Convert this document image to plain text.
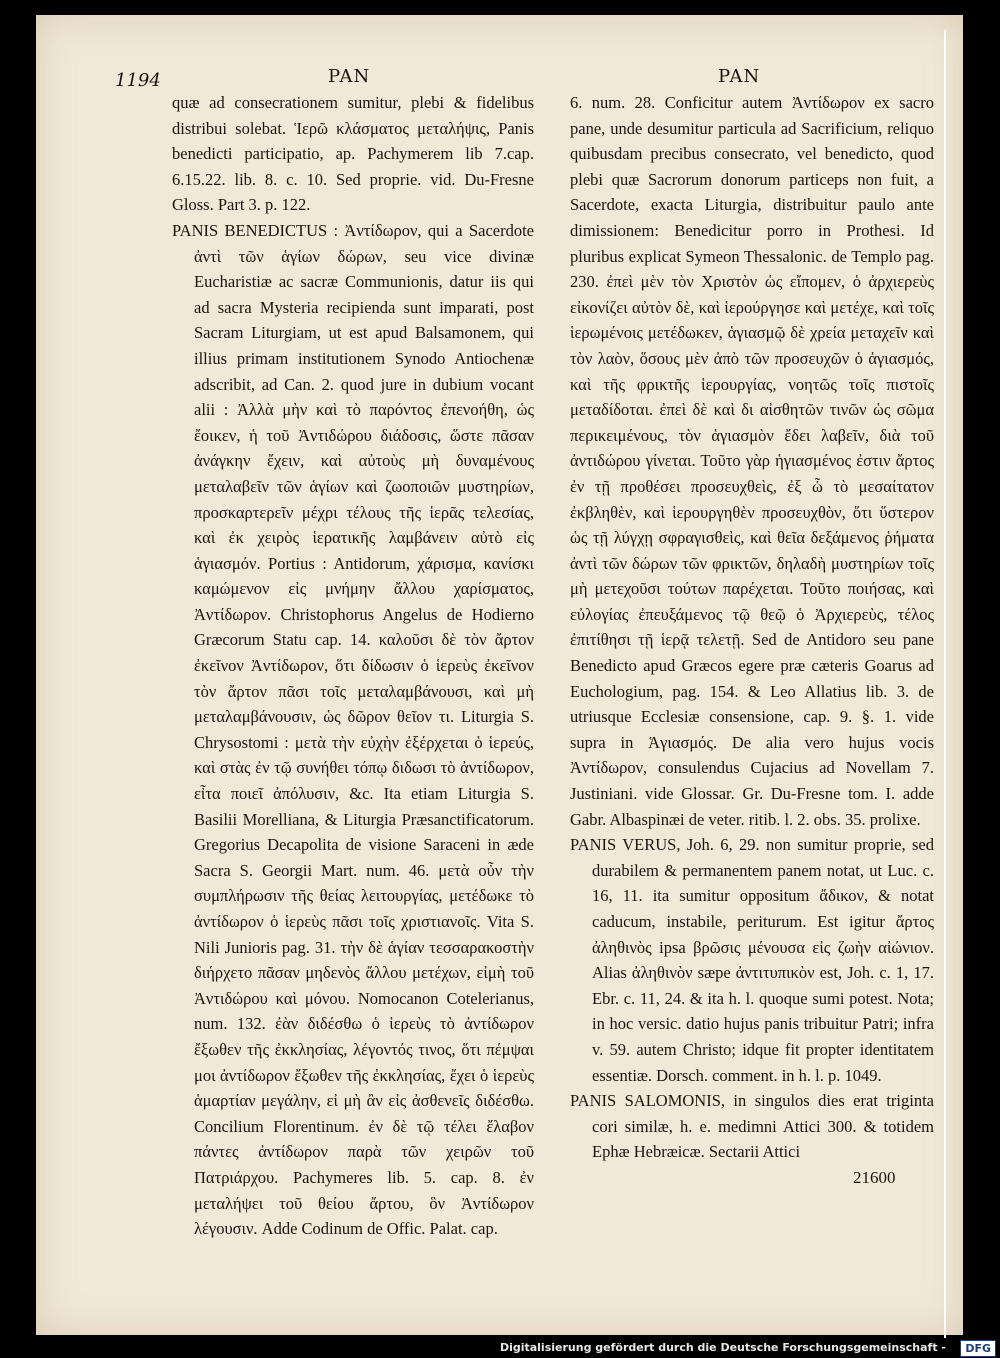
1194	PAN	PAN

quæ ad consecrationem sumitur, plebi & fidelibus distribui solebat. Ἱερῶ κλάσματος μεταλήψις, Panis benedicti participatio, ap. Pachymerem lib 7.cap. 6.15.22. lib. 8. c. 10. Sed proprie. vid. Du-Fresne Gloss. Part 3. p. 122.

PANIS BENEDICTUS : Ἀντίδωρον, qui a Sacerdote ἀντὶ τῶν ἁγίων δώρων, seu vice divinæ Eucharistiæ ac sacræ Communionis, datur iis qui ad sacra Mysteria recipienda sunt imparati, post Sacram Liturgiam, ut est apud Balsamonem, qui illius primam institutionem Synodo Antiochenæ adscribit, ad Can. 2. quod jure in dubium vocant alii : Ἀλλὰ μὴν καὶ τὸ παρόντος ἐπενοήθη, ὡς ἔοικεν, ἡ τοῦ Ἀντιδώρου διάδοσις, ὥστε πᾶσαν ἀνάγκην ἔχειν, καὶ αὐτοὺς μὴ δυναμένους μεταλαβεῖν τῶν ἁγίων καὶ ζωοποιῶν μυστηρίων, προσκαρτερεῖν μέχρι τέλους τῆς ἱερᾶς τελεσίας, καὶ ἐκ χειρὸς ἱερατικῆς λαμβάνειν αὐτὸ εἰς ἁγιασμόν. Portius : Antidorum, χάρισμα, κανίσκι καμώμενον εἰς μνήμην ἄλλου χαρίσματος, Ἀντίδωρον. Christophorus Angelus de Hodierno Græcorum Statu cap. 14. καλοῦσι δὲ τὸν ἄρτον ἐκεῖνον Ἀντίδωρον, ὅτι δίδωσιν ὁ ἱερεὺς ἐκεῖνον τὸν ἄρτον πᾶσι τοῖς μεταλαμβάνουσι, καὶ μὴ μεταλαμβάνουσιν, ὡς δῶρον θεῖον τι. Liturgia S. Chrysostomi : μετὰ τὴν εὐχὴν ἐξέρχεται ὁ ἱερεύς, καὶ στὰς ἐν τῷ συνήθει τόπῳ διδωσι τὸ ἀντίδωρον, εἶτα ποιεῖ ἀπόλυσιν, &c. Ita etiam Liturgia S. Basilii Morelliana, & Liturgia Præsanctificatorum. Gregorius Decapolita de visione Saraceni in æde Sacra S. Georgii Mart. num. 46. μετὰ οὖν τὴν συμπλήρωσιν τῆς θείας λειτουργίας, μετέδωκε τὸ ἀντίδωρον ὁ ἱερεὺς πᾶσι τοῖς χριστιανοῖς. Vita S. Nili Junioris pag. 31. τὴν δὲ ἁγίαν τεσσαρακοστὴν διήρχετο πᾶσαν μηδενὸς ἄλλου μετέχων, εἰμὴ τοῦ Ἀντιδώρου καὶ μόνου. Nomocanon Cotelerianus, num. 132. ἐὰν διδέσθω ὁ ἱερεὺς τὸ ἀντίδωρον ἔξωθεν τῆς ἐκκλησίας, λέγοντός τινος, ὅτι πέμψαι μοι ἀντίδωρον ἔξωθεν τῆς ἐκκλησίας, ἔχει ὁ ἱερεὺς ἁμαρτίαν μεγάλην, εἰ μὴ ἂν εἰς ἀσθενεῖς διδέσθω. Concilium Florentinum. ἐν δὲ τῷ τέλει ἔλαβον πάντες ἀντίδωρον παρὰ τῶν χειρῶν τοῦ Πατριάρχου. Pachymeres lib. 5. cap. 8. ἐν μεταλήψει τοῦ θείου ἄρτου, ὃν Ἀντίδωρον λέγουσιν. Adde Codinum de Offic. Palat. cap.

6. num. 28. Conficitur autem Ἀντίδωρον ex sacro pane, unde desumitur particula ad Sacrificium, reliquo quibusdam precibus consecrato, vel benedicto, quod plebi quæ Sacrorum donorum particeps non fuit, a Sacerdote, exacta Liturgia, distribuitur paulo ante dimissionem: Benedicitur porro in Prothesi. Id pluribus explicat Symeon Thessalonic. de Templo pag. 230. ἐπεὶ μὲν τὸν Χριστὸν ὡς εἴπομεν, ὁ ἀρχιερεὺς εἰκονίζει αὐτὸν δὲ, καὶ ἱερούργησε καὶ μετέχε, καὶ τοῖς ἱερωμένοις μετέδωκεν, ἁγιασμῷ δὲ χρεία μεταχεῖν καὶ τὸν λαὸν, ὅσους μὲν ἀπὸ τῶν προσευχῶν ὁ ἁγιασμός, καὶ τῆς φρικτῆς ἱερουργίας, νοητῶς τοῖς πιστοῖς μεταδίδοται. ἐπεὶ δὲ καὶ δι αἰσθητῶν τινῶν ὡς σῶμα περικειμένους, τὸν ἁγιασμὸν ἔδει λαβεῖν, διὰ τοῦ ἀντιδώρου γίνεται. Τοῦτο γὰρ ἡγιασμένος ἐστιν ἄρτος ἐν τῇ προθέσει προσευχθεὶς, ἐξ ὧ τὸ μεσαίτατον ἐκβληθὲν, καὶ ἱερουργηθὲν προσευχθὸν, ὅτι ὕστερον ὡς τῇ λύγχῃ σφραγισθεὶς, καὶ θεῖα δεξάμενος ῥήματα ἀντὶ τῶν δώρων τῶν φρικτῶν, δηλαδὴ μυστηρίων τοῖς μὴ μετεχοῦσι τούτων παρέχεται. Τοῦτο ποιήσας, καὶ εὐλογίας ἐπευξάμενος τῷ θεῷ ὁ Ἀρχιερεὺς, τέλος ἐπιτίθησι τῇ ἱερᾷ τελετῇ. Sed de Antidoro seu pane Benedicto apud Græcos egere præ cæteris Goarus ad Euchologium, pag. 154. & Leo Allatius lib. 3. de utriusque Ecclesiæ consensione, cap. 9. §. 1. vide supra in Ἁγιασμός. De alia vero hujus vocis Ἀντίδωρον, consulendus Cujacius ad Novellam 7. Justiniani. vide Glossar. Gr. Du-Fresne tom. I. adde Gabr. Albaspinæi de veter. ritib. l. 2. obs. 35. prolixe.

PANIS VERUS, Joh. 6, 29. non sumitur proprie, sed durabilem & permanentem panem notat, ut Luc. c. 16, 11. ita sumitur oppositum ἄδικον, & notat caducum, instabile, periturum. Est igitur ἄρτος ἀληθινὸς ipsa βρῶσις μένουσα εἰς ζωὴν αἰώνιον. Alias ἀληθινὸν sæpe ἀντιτυπικὸν est, Joh. c. 1, 17. Ebr. c. 11, 24. & ita h. l. quoque sumi potest. Nota; in hoc versic. datio hujus panis tribuitur Patri; infra v. 59. autem Christo; idque fit propter identitatem essentiæ. Dorsch. comment. in h. l. p. 1049.

PANIS SALOMONIS, in singulos dies erat triginta cori similæ, h. e. medimni Attici 300. & totidem Ephæ Hebræicæ. Sectarii Attici

21600
Digitalisierung gefördert durch die Deutsche Forschungsgemeinschaft -	DFG
